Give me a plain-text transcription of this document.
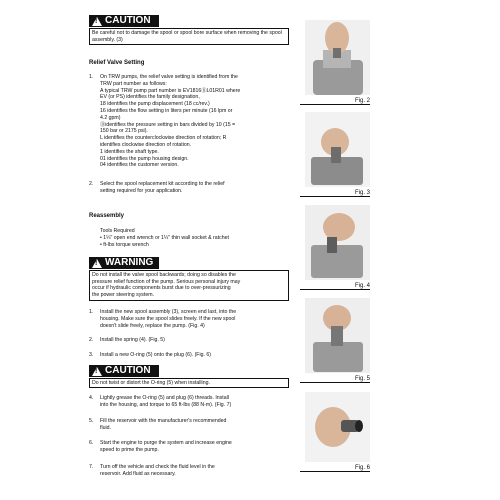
!
CAUTION
Be careful not to damage the spool or spool bore surface when removing the spool assembly. (3)
Relief Valve Setting
1. On TRW pumps, the relief valve setting is identified from the
TRW part number as follows:
A typical TRW pump part number is EV1816ⒷL01R01 where
EV (or PS) identifies the family designation,
18 identifies the pump displacement (18 cc/rev.)
16 identifies the flow setting in liters per minute (16 lpm or
4.2 gpm)
Ⓑidentifies the pressure setting in bars divided by 10 (15 =
150 bar or 2175 psi).
L identifies the counterclockwise direction of rotation; R
identifies clockwise direction of rotation.
1 identifies the shaft type.
01 identifies the pump housing design.
04 identifies the customer version.
2. Select the spool replacement kit according to the relief
setting required for your application.
Reassembly
Tools Required
• 1¼" open end wrench or 1¼" thin wall socket & ratchet
• ft-lbs torque wrench
!
WARNING
Do not install the valve spool backwards; doing so disables the
pressure relief function of the pump. Serious personal injury may
occur if hydraulic components burst due to over-pressurizing
the power steering system.
1. Install the new spool assembly (3), screen end last, into the
housing. Make sure the spool slides freely. If the new spool
doesn't slide freely, replace the pump. (Fig. 4)
2. Install the spring (4). (Fig. 5)
3. Install a new O-ring (5) onto the plug (6). (Fig. 6)
!
CAUTION
Do not twist or distort the O-ring (5) when installing.
4. Lightly grease the O-ring (5) and plug (6) threads. Install
into the housing, and torque to 65 ft-lbs (88 N-m). (Fig. 7)
5. Fill the reservoir with the manufacturer's recommended
fluid.
6. Start the engine to purge the system and increase engine
speed to prime the pump.
7. Turn off the vehicle and check the fluid level in the
reservoir. Add fluid as necessary.
Fig. 2
Fig. 3
Fig. 4
Fig. 5
Fig. 6
